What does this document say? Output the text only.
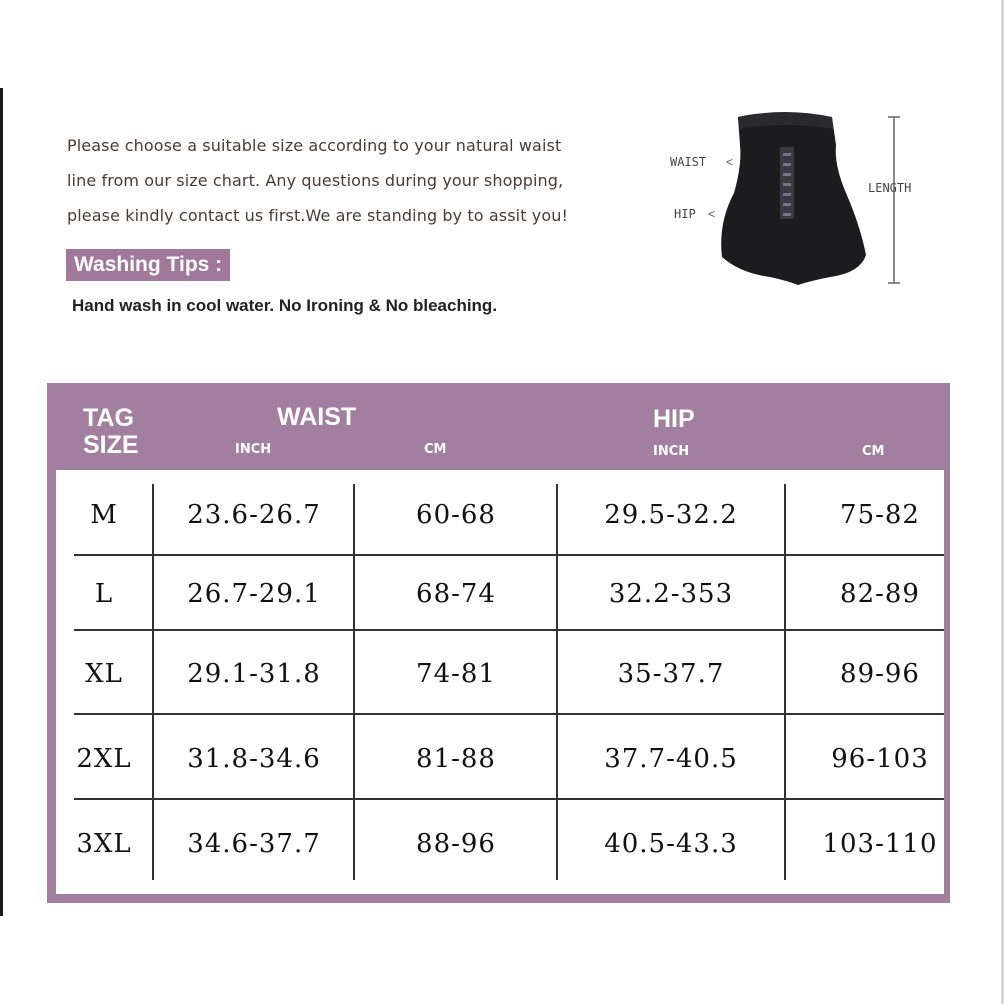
Please choose a suitable size according to your natural waist
line from our size chart. Any questions during your shopping,
please kindly contact us first.We are standing by to assit you!
Washing Tips :
Hand wash in cool water. No Ironing & No bleaching.
WAIST <
HIP <
LENGTH
TAG
SIZE
WAIST
INCH	CM
HIP
INCH	CM
M	23.6-26.7	60-68	29.5-32.2	75-82
L	26.7-29.1	68-74	32.2-353	82-89
XL 29.1-31.8	74-81	35-37.7	89-96
2XL 31.8-34.6	81-88	37.7-40.5	96-103
3XL 34.6-37.7	88-96	40.5-43.3	103-110
